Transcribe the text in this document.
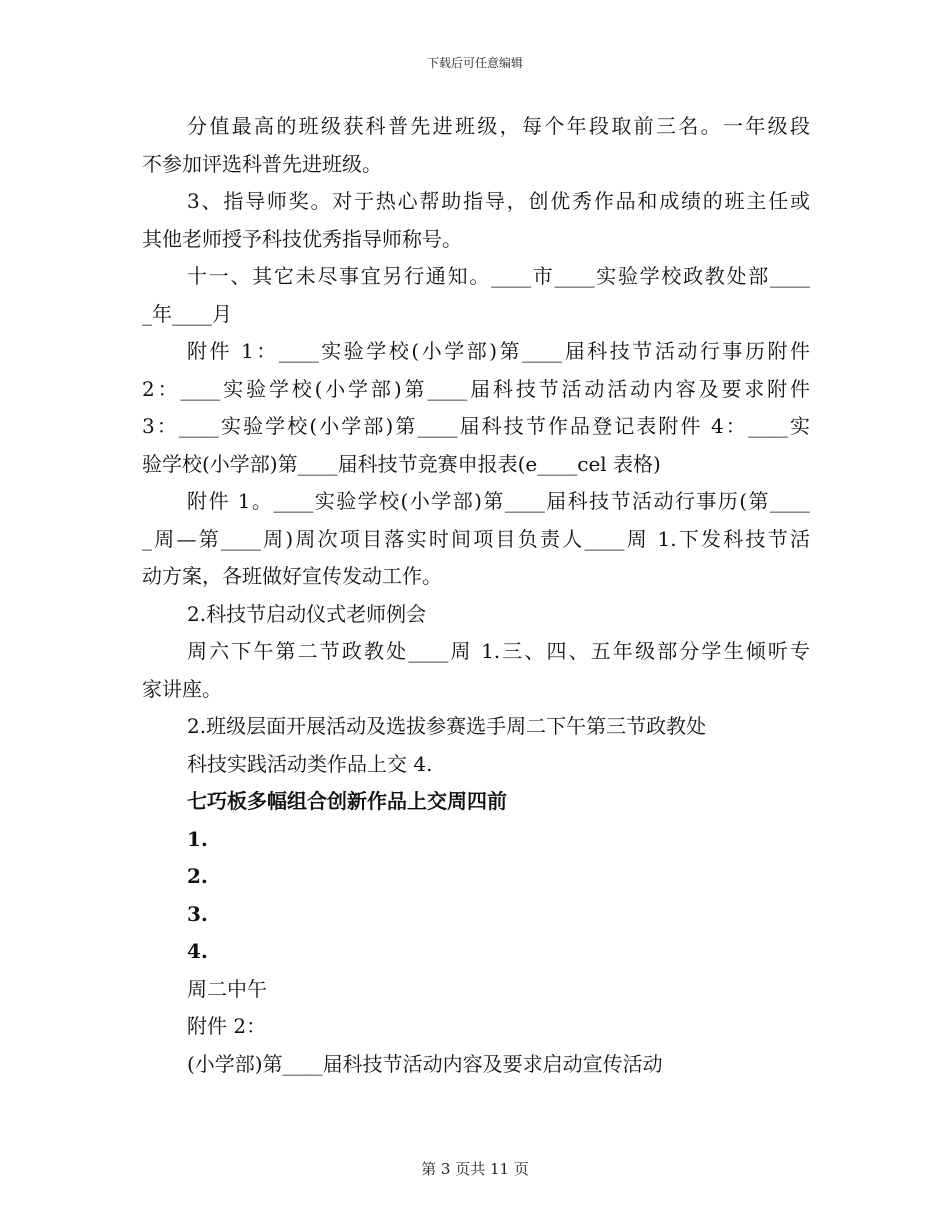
下载后可任意编辑
分值最高的班级获科普先进班级，每个年段取前三名。一年级段
不参加评选科普先进班级。
3、指导师奖。对于热心帮助指导，创优秀作品和成绩的班主任或
其他老师授予科技优秀指导师称号。
十一、其它未尽事宜另行通知。____市____实验学校政教处部____
_年____月
附件 1：____实验学校(小学部)第____届科技节活动行事历附件
2：____实验学校(小学部)第____届科技节活动活动内容及要求附件
3：____实验学校(小学部)第____届科技节作品登记表附件 4：____实
验学校(小学部)第____届科技节竞赛申报表(e____cel 表格)
附件 1。____实验学校(小学部)第____届科技节活动行事历(第____
_周—第____周)周次项目落实时间项目负责人____周 1.下发科技节活
动方案，各班做好宣传发动工作。
2.科技节启动仪式老师例会
周六下午第二节政教处____周 1.三、四、五年级部分学生倾听专
家讲座。
2.班级层面开展活动及选拔参赛选手周二下午第三节政教处
科技实践活动类作品上交 4.
七巧板多幅组合创新作品上交周四前
1.
2.
3.
4.
周二中午
附件 2：
(小学部)第____届科技节活动内容及要求启动宣传活动
第 3 页共 11 页
